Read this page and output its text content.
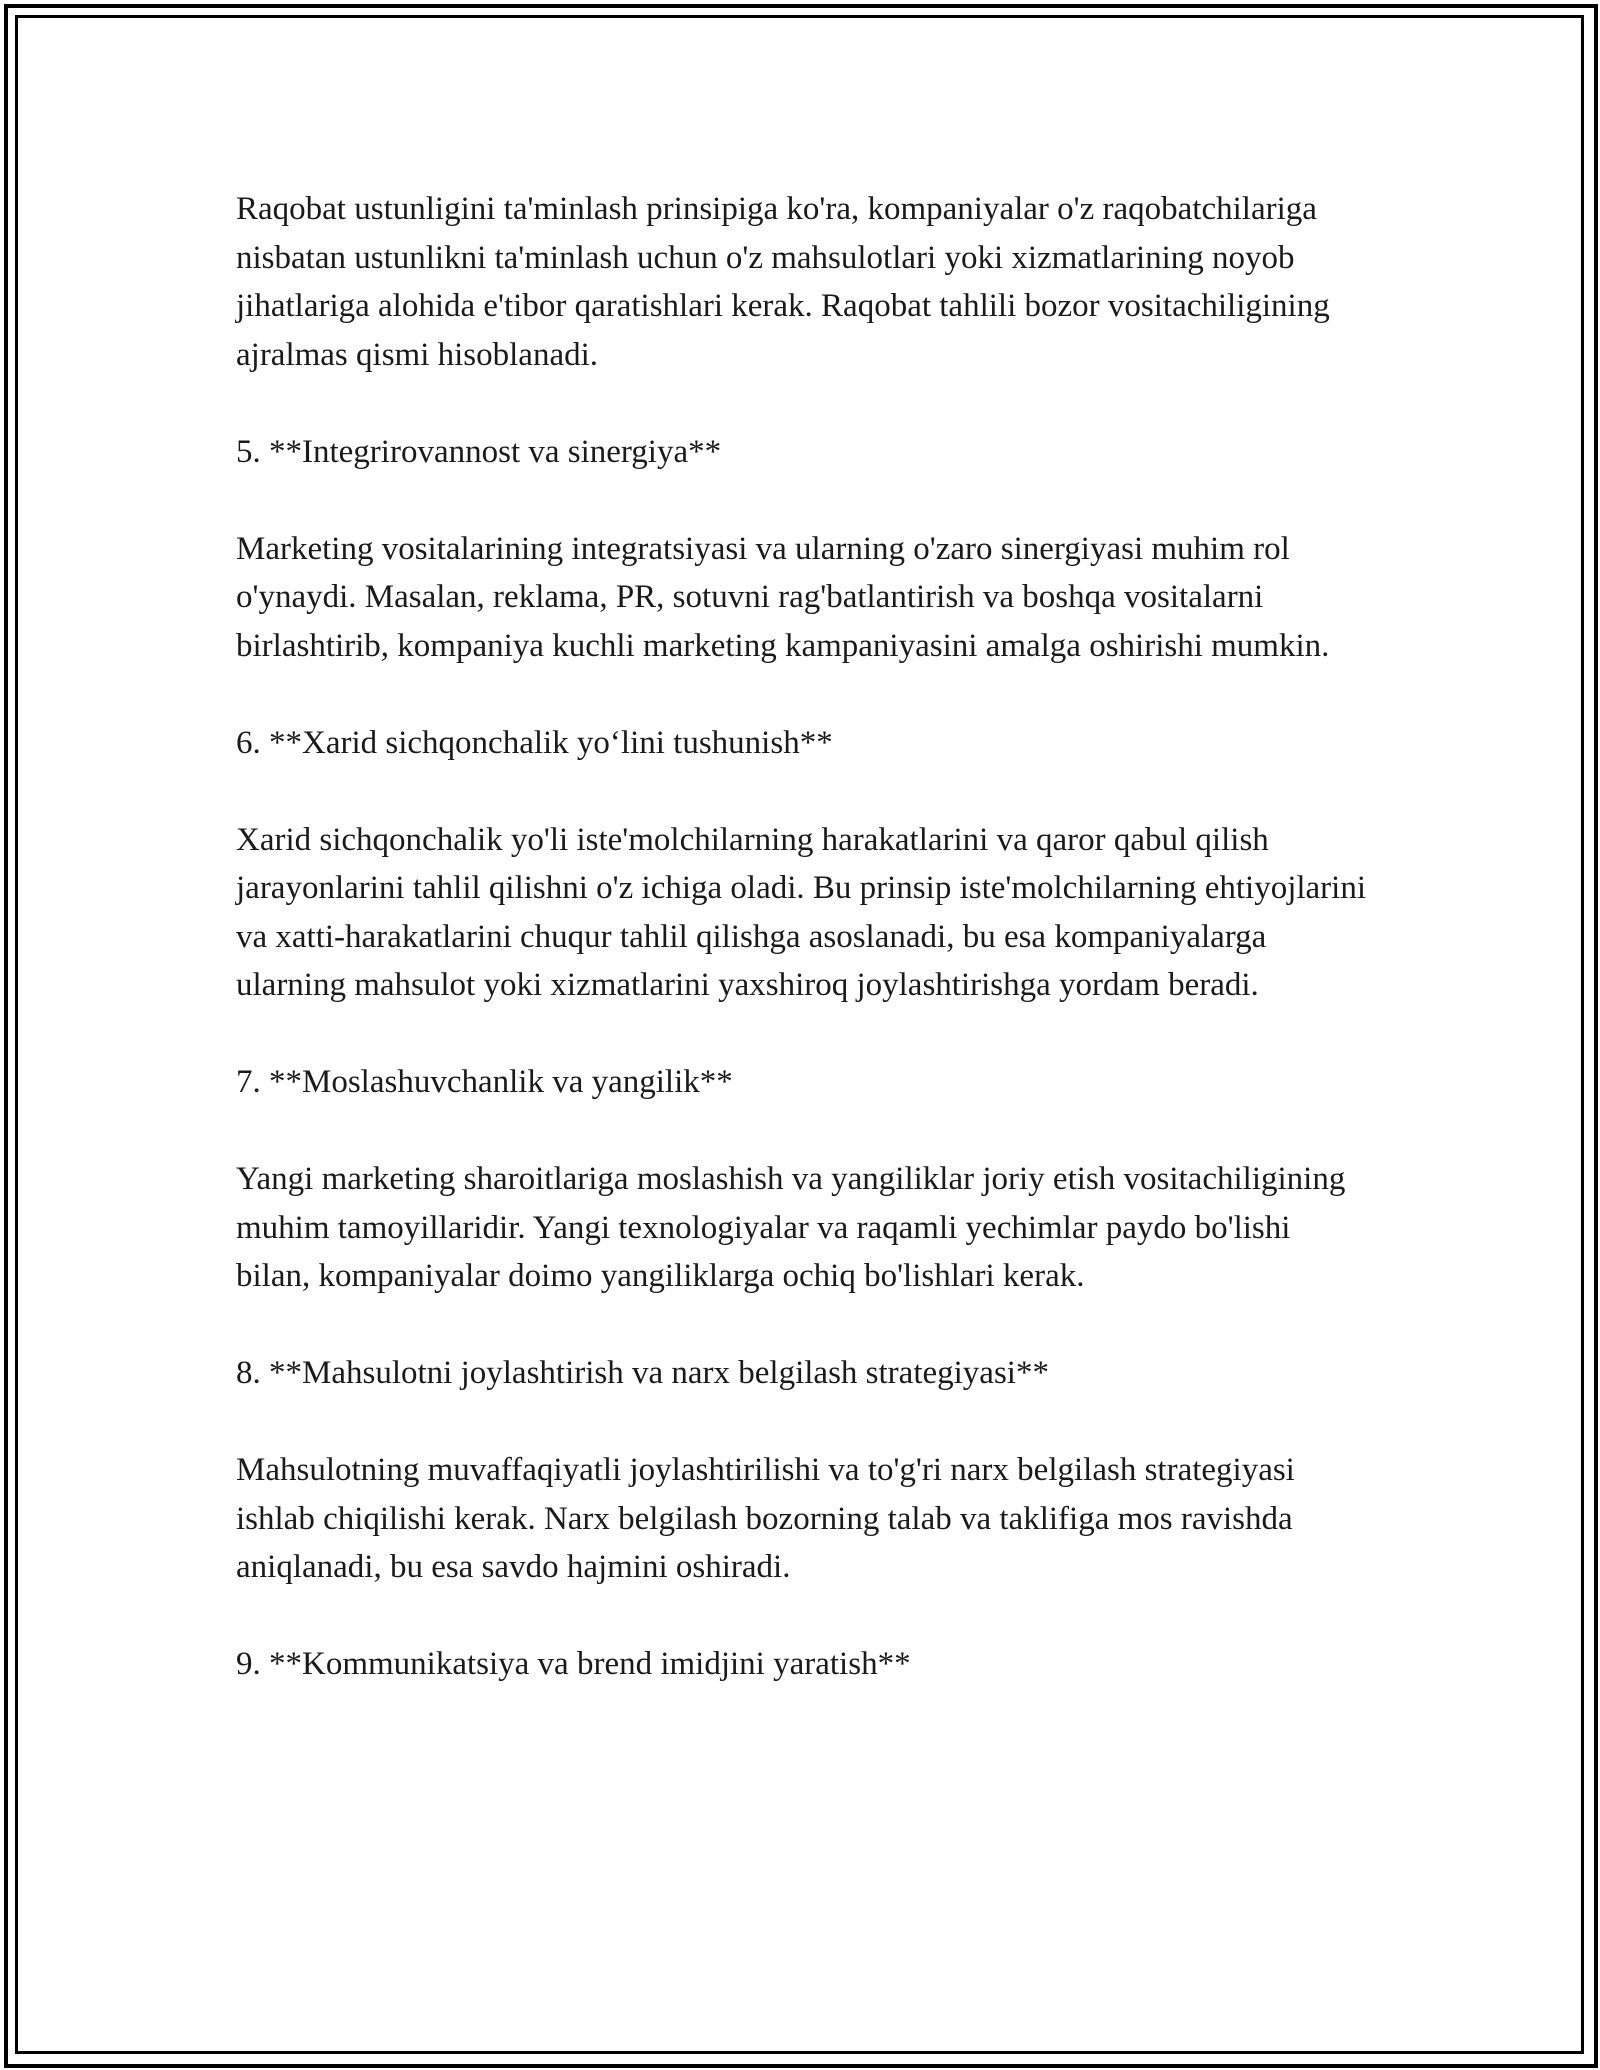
Raqobat ustunligini ta'minlash prinsipiga ko'ra, kompaniyalar o'z raqobatchilariga nisbatan ustunlikni ta'minlash uchun o'z mahsulotlari yoki xizmatlarining noyob jihatlariga alohida e'tibor qaratishlari kerak. Raqobat tahlili bozor vositachiligining ajralmas qismi hisoblanadi.

5. **Integrirovannost va sinergiya**

Marketing vositalarining integratsiyasi va ularning o'zaro sinergiyasi muhim rol o'ynaydi. Masalan, reklama, PR, sotuvni rag'batlantirish va boshqa vositalarni birlashtirib, kompaniya kuchli marketing kampaniyasini amalga oshirishi mumkin.

6. **Xarid sichqonchalik yo‘lini tushunish**

Xarid sichqonchalik yo'li iste'molchilarning harakatlarini va qaror qabul qilish jarayonlarini tahlil qilishni o'z ichiga oladi. Bu prinsip iste'molchilarning ehtiyojlarini va xatti-harakatlarini chuqur tahlil qilishga asoslanadi, bu esa kompaniyalarga ularning mahsulot yoki xizmatlarini yaxshiroq joylashtirishga yordam beradi.

7. **Moslashuvchanlik va yangilik**

Yangi marketing sharoitlariga moslashish va yangiliklar joriy etish vositachiligining muhim tamoyillaridir. Yangi texnologiyalar va raqamli yechimlar paydo bo'lishi bilan, kompaniyalar doimo yangiliklarga ochiq bo'lishlari kerak.

8. **Mahsulotni joylashtirish va narx belgilash strategiyasi**

Mahsulotning muvaffaqiyatli joylashtirilishi va to'g'ri narx belgilash strategiyasi ishlab chiqilishi kerak. Narx belgilash bozorning talab va taklifiga mos ravishda aniqlanadi, bu esa savdo hajmini oshiradi.

9. **Kommunikatsiya va brend imidjini yaratish**
